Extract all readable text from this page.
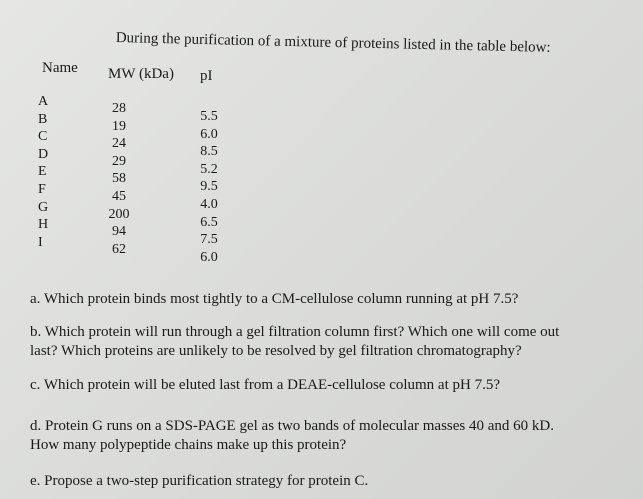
During the purification of a mixture of proteins listed in the table below:
Name MW (kDa) pI
A
B
C
D
E
F
G
H
I
28
19
24
29
58
45
200
94
62
5.5
6.0
8.5
5.2
9.5
4.0
6.5
7.5
6.0
a. Which protein binds most tightly to a CM-cellulose column running at pH 7.5?
b. Which protein will run through a gel filtration column first? Which one will come out
last? Which proteins are unlikely to be resolved by gel filtration chromatography?
c. Which protein will be eluted last from a DEAE-cellulose column at pH 7.5?
d. Protein G runs on a SDS-PAGE gel as two bands of molecular masses 40 and 60 kD.
How many polypeptide chains make up this protein?
e. Propose a two-step purification strategy for protein C.
